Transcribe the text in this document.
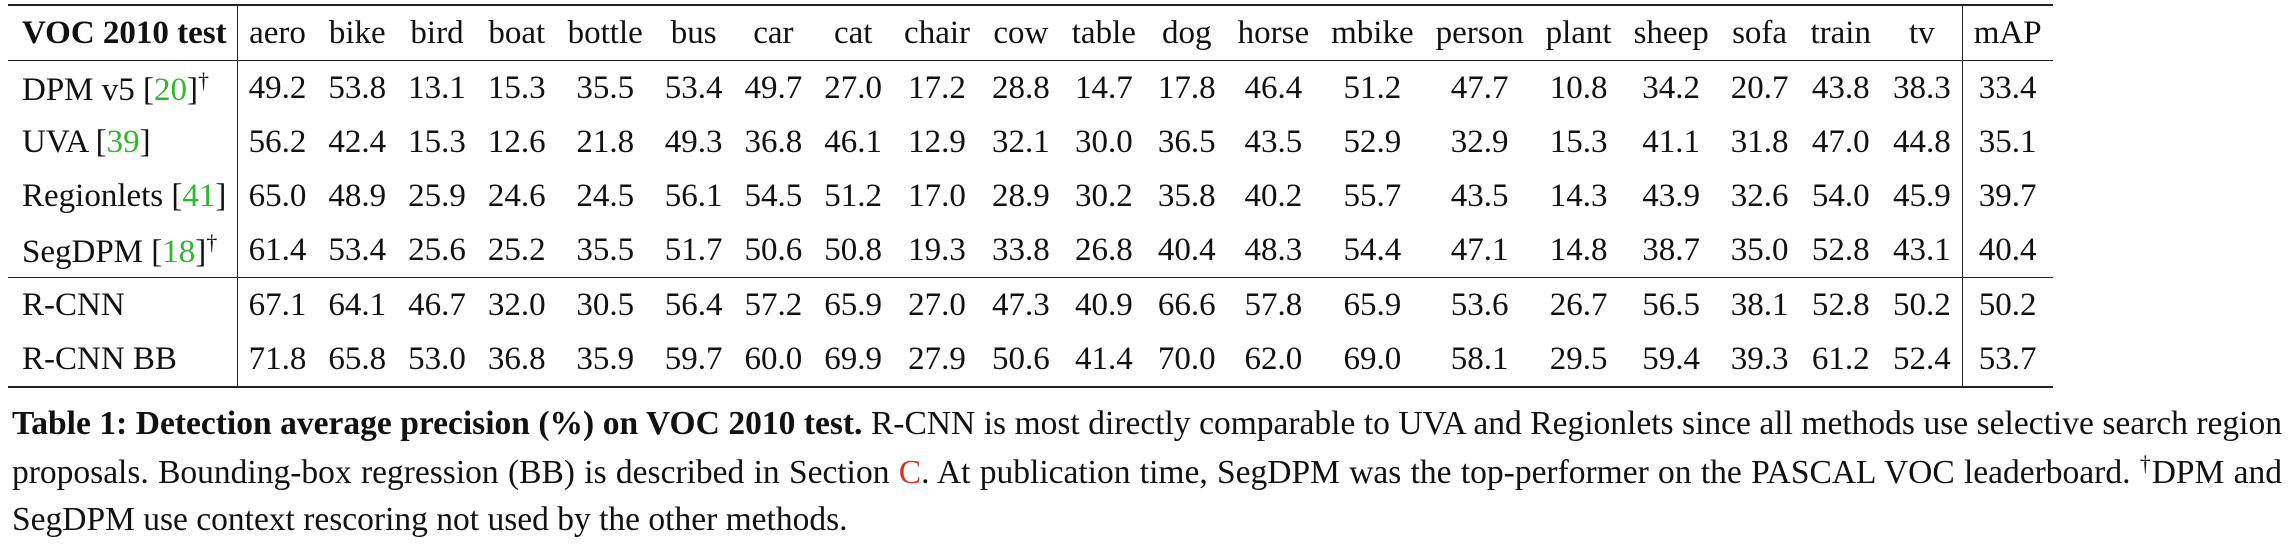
VOC 2010 test	aero	bike	bird	boat	bottle	bus	car	cat	chair	cow	table	dog	horse	mbike	person	plant	sheep	sofa	train	tv	mAP
DPM v5 [20]†	49.2	53.8	13.1	15.3	35.5	53.4	49.7	27.0	17.2	28.8	14.7	17.8	46.4	51.2	47.7	10.8	34.2	20.7	43.8	38.3	33.4
UVA [39]	56.2	42.4	15.3	12.6	21.8	49.3	36.8	46.1	12.9	32.1	30.0	36.5	43.5	52.9	32.9	15.3	41.1	31.8	47.0	44.8	35.1
Regionlets [41]	65.0	48.9	25.9	24.6	24.5	56.1	54.5	51.2	17.0	28.9	30.2	35.8	40.2	55.7	43.5	14.3	43.9	32.6	54.0	45.9	39.7
SegDPM [18]†	61.4	53.4	25.6	25.2	35.5	51.7	50.6	50.8	19.3	33.8	26.8	40.4	48.3	54.4	47.1	14.8	38.7	35.0	52.8	43.1	40.4
R-CNN	67.1	64.1	46.7	32.0	30.5	56.4	57.2	65.9	27.0	47.3	40.9	66.6	57.8	65.9	53.6	26.7	56.5	38.1	52.8	50.2	50.2
R-CNN BB	71.8	65.8	53.0	36.8	35.9	59.7	60.0	69.9	27.9	50.6	41.4	70.0	62.0	69.0	58.1	29.5	59.4	39.3	61.2	52.4	53.7

Table 1: Detection average precision (%) on VOC 2010 test. R-CNN is most directly comparable to UVA and Regionlets since all methods use selective search region proposals. Bounding-box regression (BB) is described in Section C. At publication time, SegDPM was the top-performer on the PASCAL VOC leaderboard. †DPM and SegDPM use context rescoring not used by the other methods.
